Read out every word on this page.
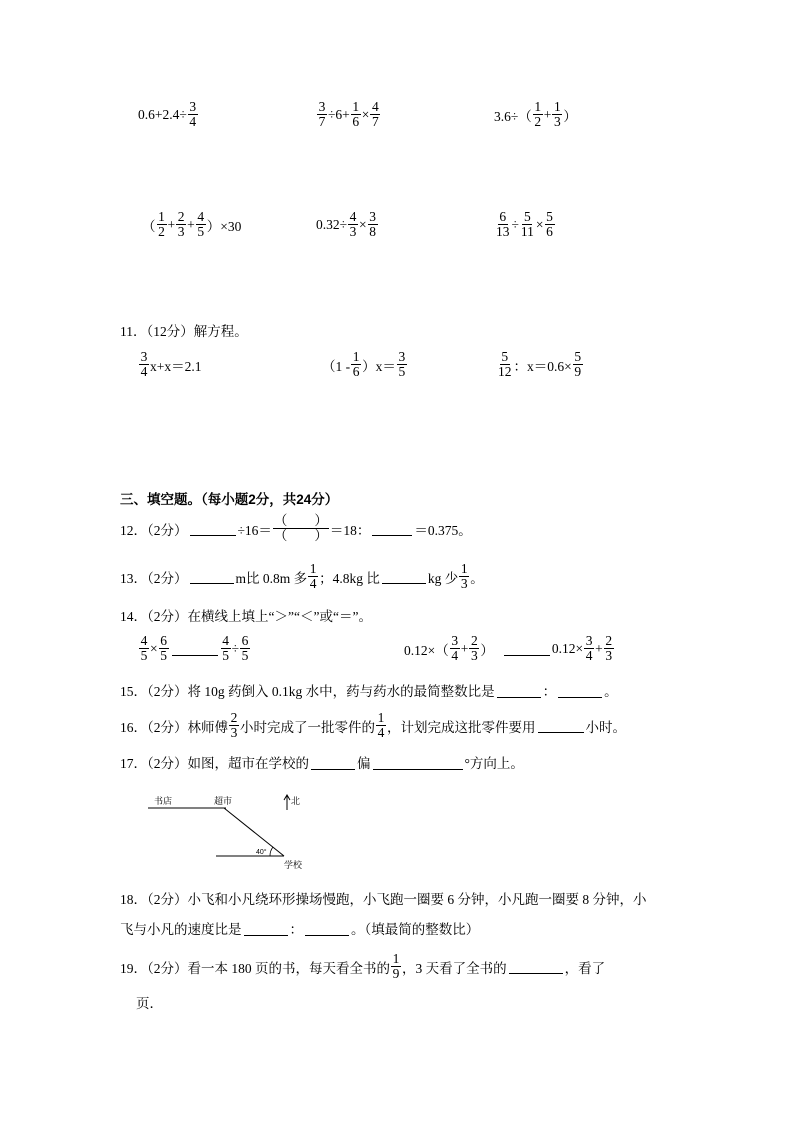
$0.6+2.4\div \frac{3}{4}$	$\frac{3}{7} \div 6+ \frac{1}{6} \times \frac{4}{7}$	$3.6\div( \frac{1}{2} + \frac{1}{3}$ ）
（ $\frac{1}{2} + \frac{2}{3} + \frac{4}{5} )\times 30$	$0.32\div \frac{4}{3} \times \frac{3}{8}$	$\frac{6}{13} \div \frac{5}{11} \times \frac{5}{6}$
11．（12分）解方程。
$\frac{3}{4} x+x=2.1$	$(1 - \frac{1}{6} )x= \frac{3}{5}$	$\frac{5}{12}$ ：$x=0.6\times \frac{5}{9}$
三、填空题。（每小题2分，共24分）
12．（2分）	$\div 16= \frac{( )}{( )} =18$：	＝0.375。
13．（2分）	m比 0.8m 多 $\frac{1}{4}$ ；4.8kg 比	kg 少 $\frac{1}{3}$ 。
14．（2分）在横线上填上“＞”“＜”或“＝”。
$\frac{4}{5} \times \frac{6}{5}$	$\frac{4}{5} \div \frac{6}{5}$	$0.12\times( \frac{3}{4} + \frac{2}{3}$ ）	$0.12\times \frac{3}{4} + \frac{2}{3}$
15．（2分）将 10g 药倒入 0.1kg 水中，药与药水的最简整数比是	：	。
16．（2分）林师傅 $\frac{2}{3}$ 小时完成了一批零件的 $\frac{1}{4}$ ，计划完成这批零件要用	小时。
17．（2分）如图，超市在学校的	偏	°方向上。
书店	超市	北
40°
学校
18．（2分）小飞和小凡绕环形操场慢跑，小飞跑一圈要 6 分钟，小凡跑一圈要 8 分钟，小
飞与小凡的速度比是	：	。（填最简的整数比）
19．（2分）看一本 180 页的书，每天看全书的 $\frac{1}{9}$ ，3 天看了全书的	，看了
页．
